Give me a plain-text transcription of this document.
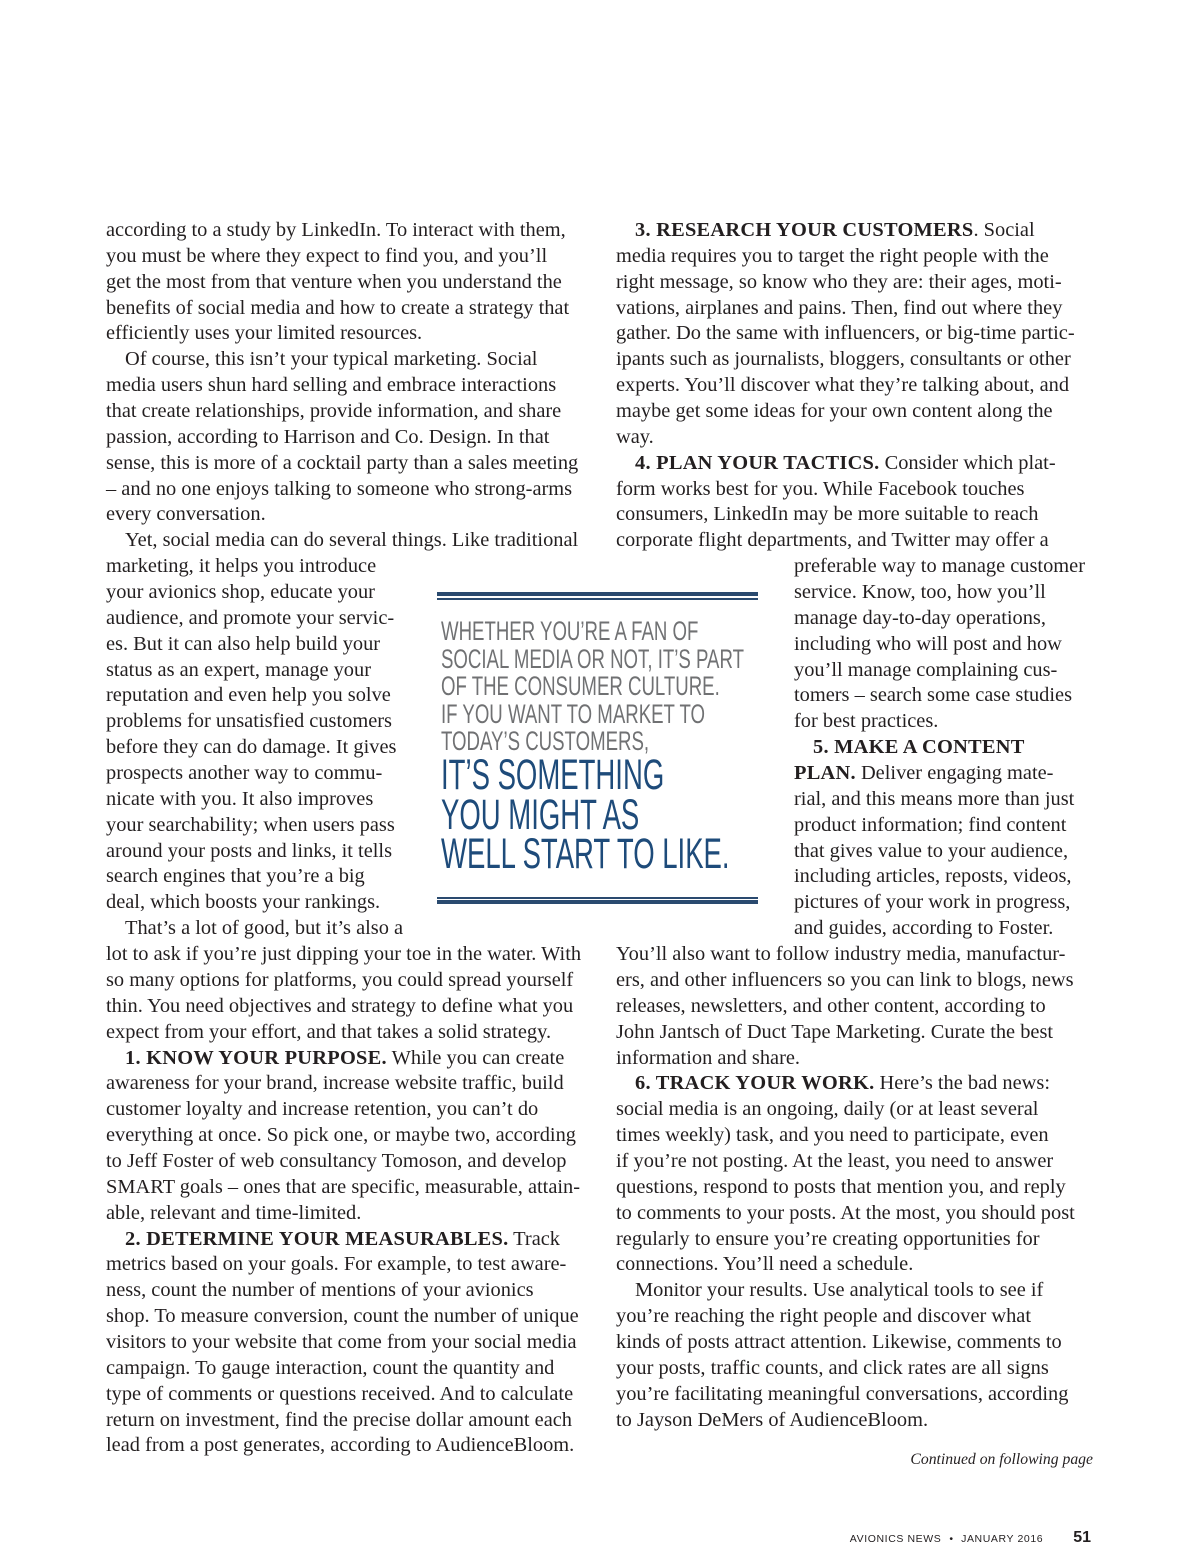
according to a study by LinkedIn. To interact with them,
you must be where they expect to find you, and you’ll
get the most from that venture when you understand the
benefits of social media and how to create a strategy that
efficiently uses your limited resources.
Of course, this isn’t your typical marketing. Social
media users shun hard selling and embrace interactions
that create relationships, provide information, and share
passion, according to Harrison and Co. Design. In that
sense, this is more of a cocktail party than a sales meeting
– and no one enjoys talking to someone who strong-arms
every conversation.
Yet, social media can do several things. Like traditional
marketing, it helps you introduce
your avionics shop, educate your
audience, and promote your servic-
es. But it can also help build your
status as an expert, manage your
reputation and even help you solve
problems for unsatisfied customers
before they can do damage. It gives
prospects another way to commu-
nicate with you. It also improves
your searchability; when users pass
around your posts and links, it tells
search engines that you’re a big
deal, which boosts your rankings.
That’s a lot of good, but it’s also a
lot to ask if you’re just dipping your toe in the water. With
so many options for platforms, you could spread yourself
thin. You need objectives and strategy to define what you
expect from your effort, and that takes a solid strategy.
1. KNOW YOUR PURPOSE. While you can create
awareness for your brand, increase website traffic, build
customer loyalty and increase retention, you can’t do
everything at once. So pick one, or maybe two, according
to Jeff Foster of web consultancy Tomoson, and develop
SMART goals – ones that are specific, measurable, attain-
able, relevant and time-limited.
2. DETERMINE YOUR MEASURABLES. Track
metrics based on your goals. For example, to test aware-
ness, count the number of mentions of your avionics
shop. To measure conversion, count the number of unique
visitors to your website that come from your social media
campaign. To gauge interaction, count the quantity and
type of comments or questions received. And to calculate
return on investment, find the precise dollar amount each
lead from a post generates, according to AudienceBloom.
3. RESEARCH YOUR CUSTOMERS. Social
media requires you to target the right people with the
right message, so know who they are: their ages, moti-
vations, airplanes and pains. Then, find out where they
gather. Do the same with influencers, or big-time partic-
ipants such as journalists, bloggers, consultants or other
experts. You’ll discover what they’re talking about, and
maybe get some ideas for your own content along the
way.
4. PLAN YOUR TACTICS. Consider which plat-
form works best for you. While Facebook touches
consumers, LinkedIn may be more suitable to reach
corporate flight departments, and Twitter may offer a
preferable way to manage customer
service. Know, too, how you’ll
manage day-to-day operations,
including who will post and how
you’ll manage complaining cus-
tomers – search some case studies
for best practices.
5. MAKE A CONTENT
PLAN. Deliver engaging mate-
rial, and this means more than just
product information; find content
that gives value to your audience,
including articles, reposts, videos,
pictures of your work in progress,
and guides, according to Foster.
You’ll also want to follow industry media, manufactur-
ers, and other influencers so you can link to blogs, news
releases, newsletters, and other content, according to
John Jantsch of Duct Tape Marketing. Curate the best
information and share.
6. TRACK YOUR WORK. Here’s the bad news:
social media is an ongoing, daily (or at least several
times weekly) task, and you need to participate, even
if you’re not posting. At the least, you need to answer
questions, respond to posts that mention you, and reply
to comments to your posts. At the most, you should post
regularly to ensure you’re creating opportunities for
connections. You’ll need a schedule.
Monitor your results. Use analytical tools to see if
you’re reaching the right people and discover what
kinds of posts attract attention. Likewise, comments to
your posts, traffic counts, and click rates are all signs
you’re facilitating meaningful conversations, according
to Jayson DeMers of AudienceBloom.
WHETHER YOU’RE A FAN OF
SOCIAL MEDIA OR NOT, IT’S PART
OF THE CONSUMER CULTURE.
IF YOU WANT TO MARKET TO
TODAY’S CUSTOMERS,
IT’S SOMETHING
YOU MIGHT AS
WELL START TO LIKE.
Continued on following page
AVIONICS NEWS • JANUARY 2016 51
